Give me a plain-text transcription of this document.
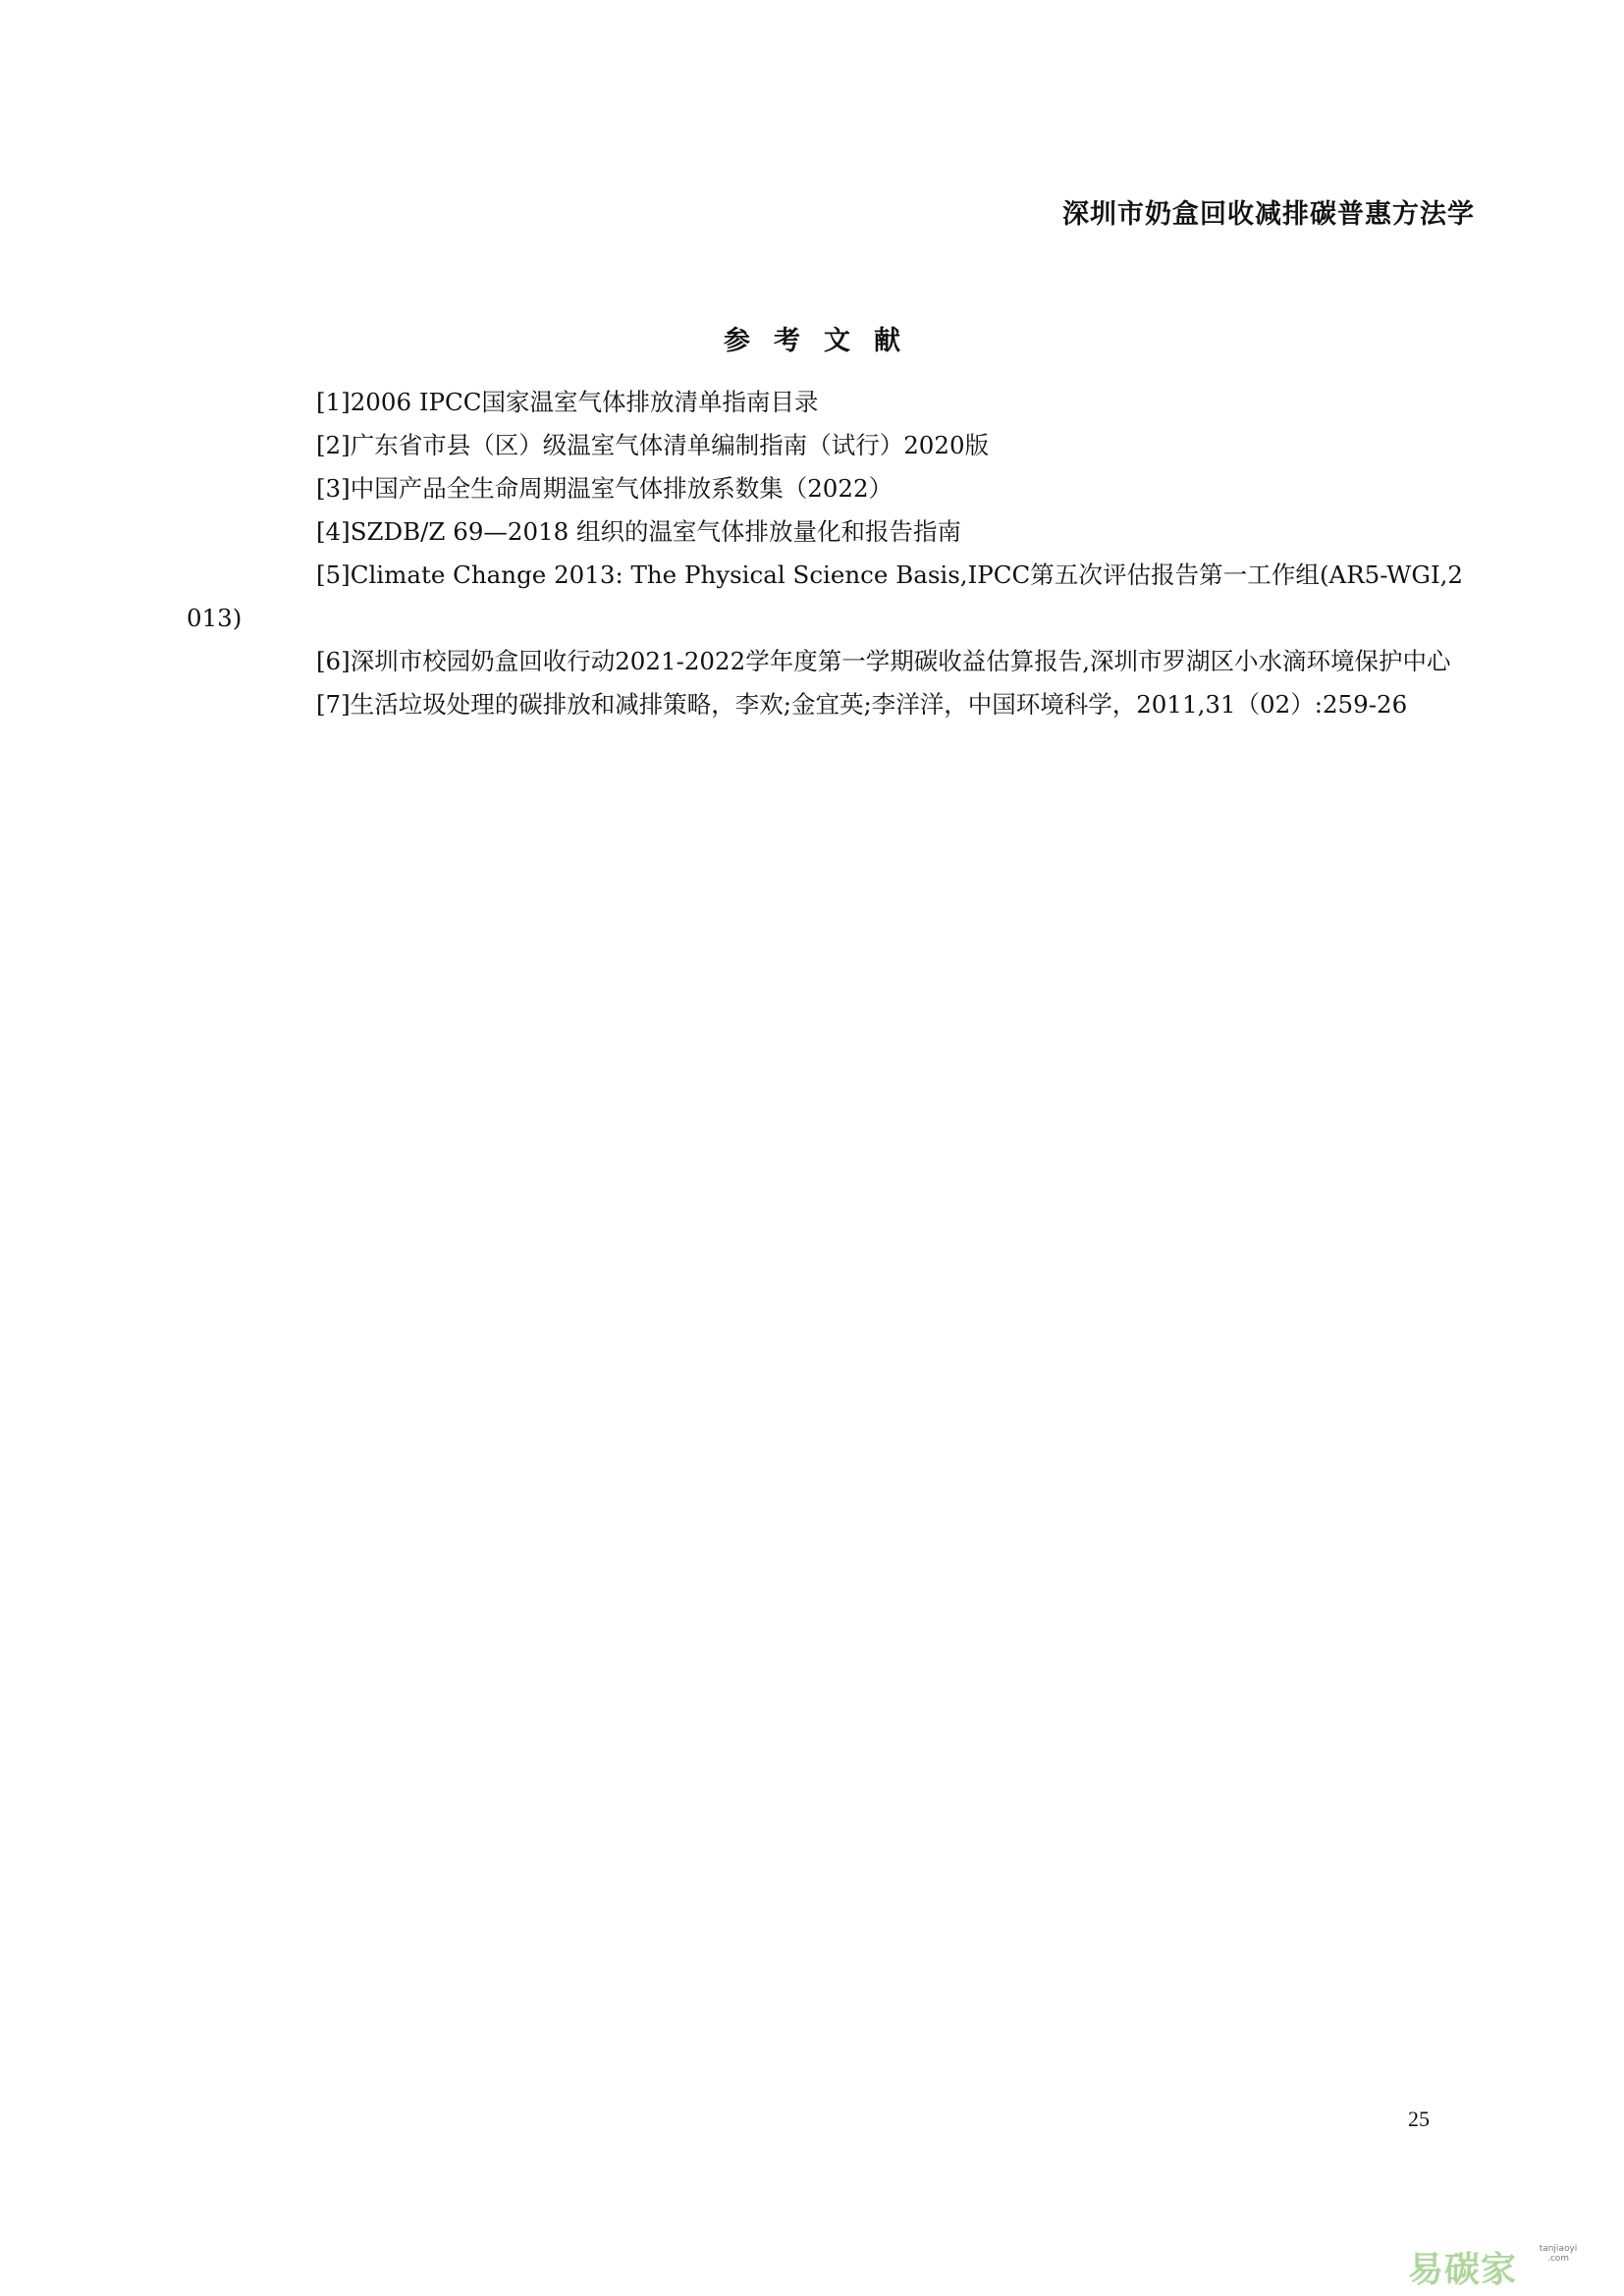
深圳市奶盒回收减排碳普惠方法学
参考文献
[1]2006 IPCC国家温室气体排放清单指南目录
[2]广东省市县（区）级温室气体清单编制指南（试行）2020版
[3]中国产品全生命周期温室气体排放系数集（2022）
[4]SZDB/Z 69—2018 组织的温室气体排放量化和报告指南
[5]Climate Change 2013: The Physical Science Basis,IPCC第五次评估报告第一工作组(AR5-WGI,2013)
[6]深圳市校园奶盒回收行动2021-2022学年度第一学期碳收益估算报告,深圳市罗湖区小水滴环境保护中心
[7]生活垃圾处理的碳排放和减排策略，李欢;金宜英;李洋洋，中国环境科学，2011,31（02）:259-26
25
易碳家
tanjiaoyi
.com
